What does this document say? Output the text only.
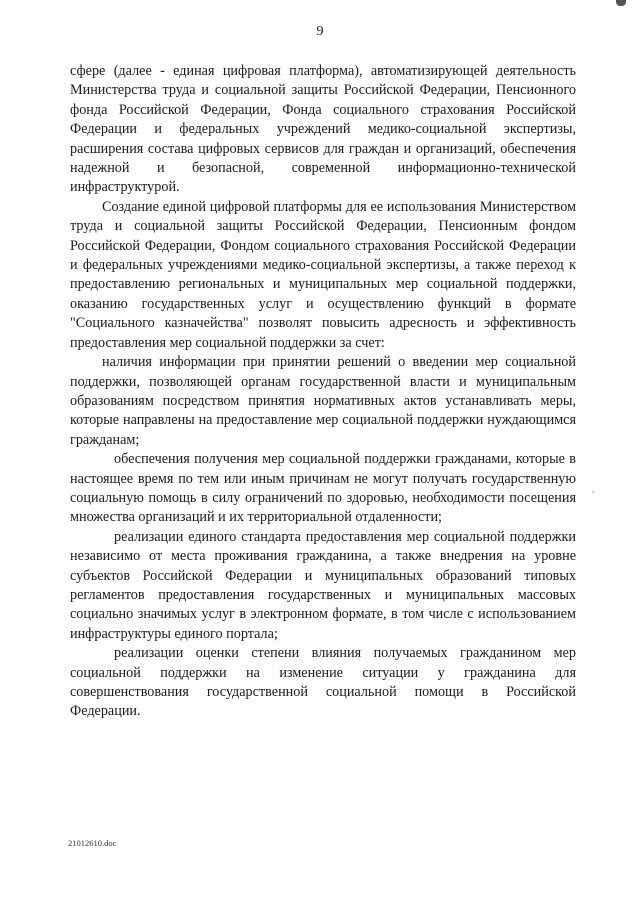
9

сфере (далее - единая цифровая платформа), автоматизирующей деятельность Министерства труда и социальной защиты Российской Федерации, Пенсионного фонда Российской Федерации, Фонда социального страхования Российской Федерации и федеральных учреждений медико-социальной экспертизы, расширения состава цифровых сервисов для граждан и организаций, обеспечения надежной и безопасной, современной информационно-технической инфраструктурой.

Создание единой цифровой платформы для ее использования Министерством труда и социальной защиты Российской Федерации, Пенсионным фондом Российской Федерации, Фондом социального страхования Российской Федерации и федеральных учреждениями медико-социальной экспертизы, а также переход к предоставлению региональных и муниципальных мер социальной поддержки, оказанию государственных услуг и осуществлению функций в формате "Социального казначейства" позволят повысить адресность и эффективность предоставления мер социальной поддержки за счет:

наличия информации при принятии решений о введении мер социальной поддержки, позволяющей органам государственной власти и муниципальным образованиям посредством принятия нормативных актов устанавливать меры, которые направлены на предоставление мер социальной поддержки нуждающимся гражданам;

обеспечения получения мер социальной поддержки гражданами, которые в настоящее время по тем или иным причинам не могут получать государственную социальную помощь в силу ограничений по здоровью, необходимости посещения множества организаций и их территориальной отдаленности;

реализации единого стандарта предоставления мер социальной поддержки независимо от места проживания гражданина, а также внедрения на уровне субъектов Российской Федерации и муниципальных образований типовых регламентов предоставления государственных и муниципальных массовых социально значимых услуг в электронном формате, в том числе с использованием инфраструктуры единого портала;

реализации оценки степени влияния получаемых гражданином мер социальной поддержки на изменение ситуации у гражданина для совершенствования государственной социальной помощи в Российской Федерации.

,
21012610.doc
